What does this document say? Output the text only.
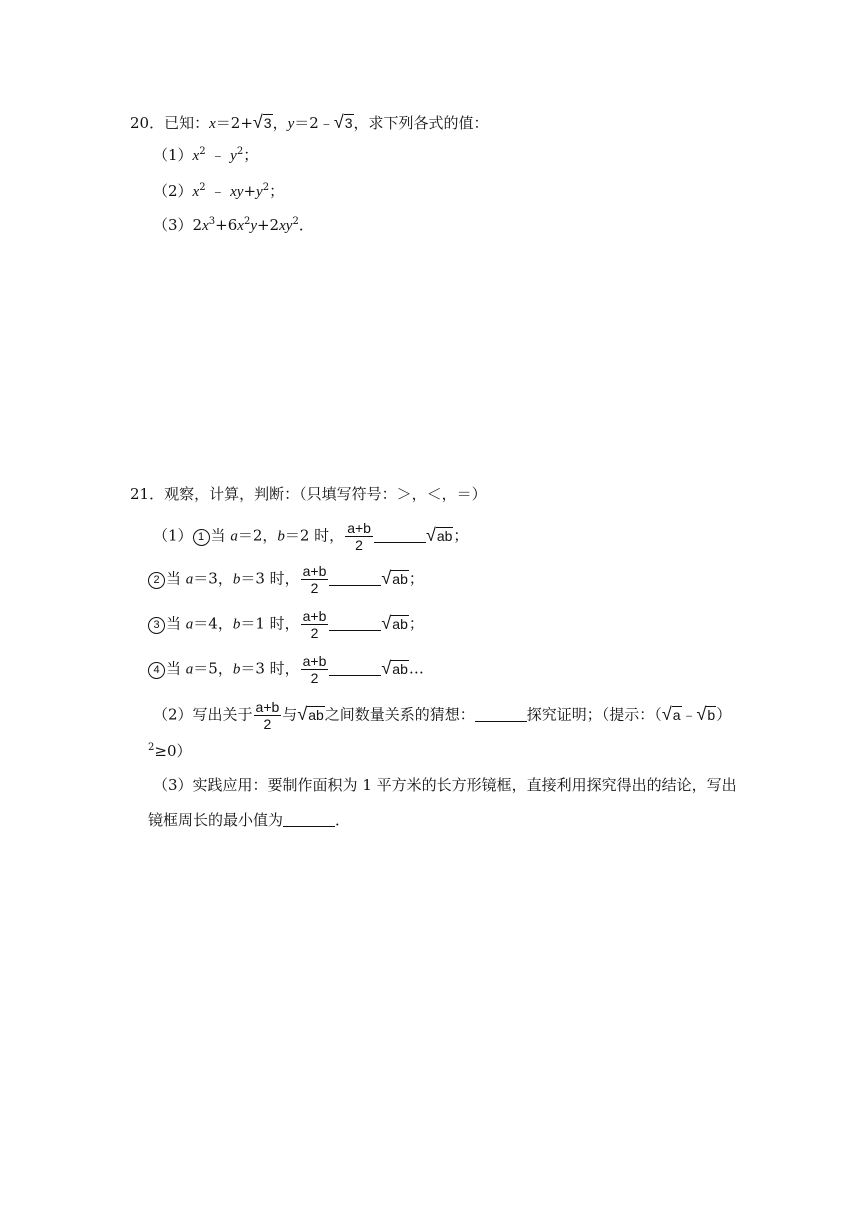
20．已知：x＝2+√3，y＝2﹣√3，求下列各式的值：
$(1)x^2$ ﹣ $y^2$；
$(2)x^2$ ﹣ $xy+y^2$；
$(3)2x^3+6x^2y+2xy^2$．
21．观察，计算，判断：（只填写符号：＞，＜，＝）
（1） 1 当 a＝2，b＝2 时， $\frac{a+b}{2}$	√ab；
2 当 a＝3，b＝3 时， $\frac{a+b}{2}$	√ab；
3 当 a＝4，b＝1 时， $\frac{a+b}{2}$	√ab；
4 当 a＝5，b＝3 时， $\frac{a+b}{2}$	√ab…
（2）写出关于 $\frac{a+b}{2}$ 与√ab之间数量关系的猜想：	探究证明；（提示：（√a﹣√b）
$^2$≥0）
（3）实践应用：要制作面积为 1 平方米的长方形镜框，直接利用探究得出的结论，写出
镜框周长的最小值为	．
